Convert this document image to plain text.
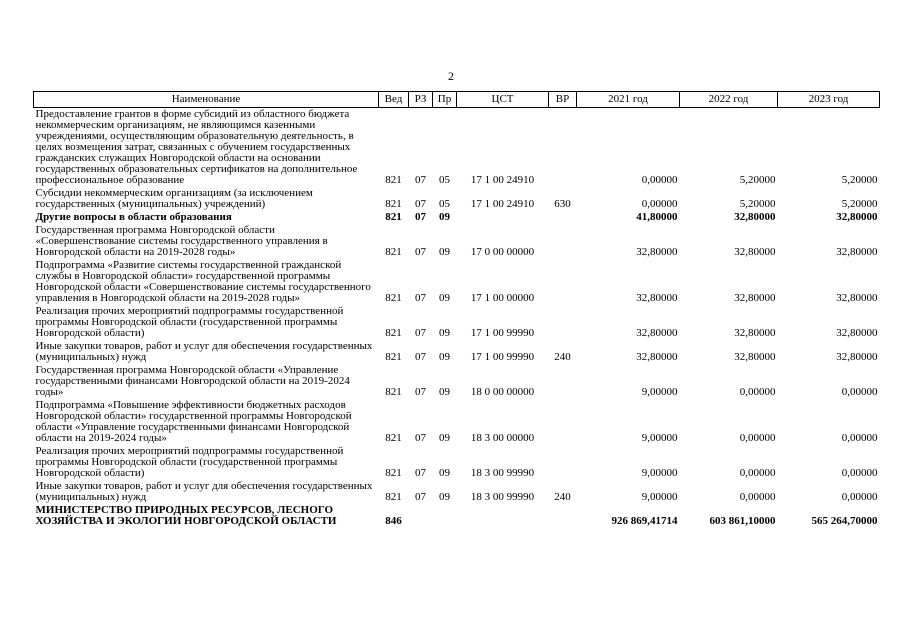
2
Наименование	Вед	РЗ	Пр	ЦСТ	ВР	2021 год	2022 год	2023 год
Предоставление грантов в форме субсидий из областного бюджета некоммерческим организациям, не являющимся казенными учреждениями, осуществляющим образовательную деятельность, в целях возмещения затрат, связанных с обучением государственных гражданских служащих Новгородской области на основании государственных образовательных сертификатов на дополнительное профессиональное образование	821	07	05	17 1 00 24910		0,00000	5,20000	5,20000
Субсидии некоммерческим организациям (за исключением государственных (муниципальных) учреждений)	821	07	05	17 1 00 24910	630	0,00000	5,20000	5,20000
Другие вопросы в области образования	821	07	09			41,80000	32,80000	32,80000
Государственная программа Новгородской области «Совершенствование системы государственного управления в Новгородской области на 2019-2028 годы»	821	07	09	17 0 00 00000		32,80000	32,80000	32,80000
Подпрограмма «Развитие системы государственной гражданской службы в Новгородской области» государственной программы Новгородской области «Совершенствование системы государственного управления в Новгородской области на 2019-2028 годы»	821	07	09	17 1 00 00000		32,80000	32,80000	32,80000
Реализация прочих мероприятий подпрограммы государственной программы Новгородской области (государственной программы Новгородской области)	821	07	09	17 1 00 99990		32,80000	32,80000	32,80000
Иные закупки товаров, работ и услуг для обеспечения государственных (муниципальных) нужд	821	07	09	17 1 00 99990	240	32,80000	32,80000	32,80000
Государственная программа Новгородской области «Управление государственными финансами Новгородской области на 2019-2024 годы»	821	07	09	18 0 00 00000		9,00000	0,00000	0,00000
Подпрограмма «Повышение эффективности бюджетных расходов Новгородской области» государственной программы Новгородской области «Управление государственными финансами Новгородской области на 2019-2024 годы»	821	07	09	18 3 00 00000		9,00000	0,00000	0,00000
Реализация прочих мероприятий подпрограммы государственной программы Новгородской области (государственной программы Новгородской области)	821	07	09	18 3 00 99990		9,00000	0,00000	0,00000
Иные закупки товаров, работ и услуг для обеспечения государственных (муниципальных) нужд	821	07	09	18 3 00 99990	240	9,00000	0,00000	0,00000
МИНИСТЕРСТВО ПРИРОДНЫХ РЕСУРСОВ, ЛЕСНОГО ХОЗЯЙСТВА И ЭКОЛОГИИ НОВГОРОДСКОЙ ОБЛАСТИ	846					926 869,41714	603 861,10000	565 264,70000
